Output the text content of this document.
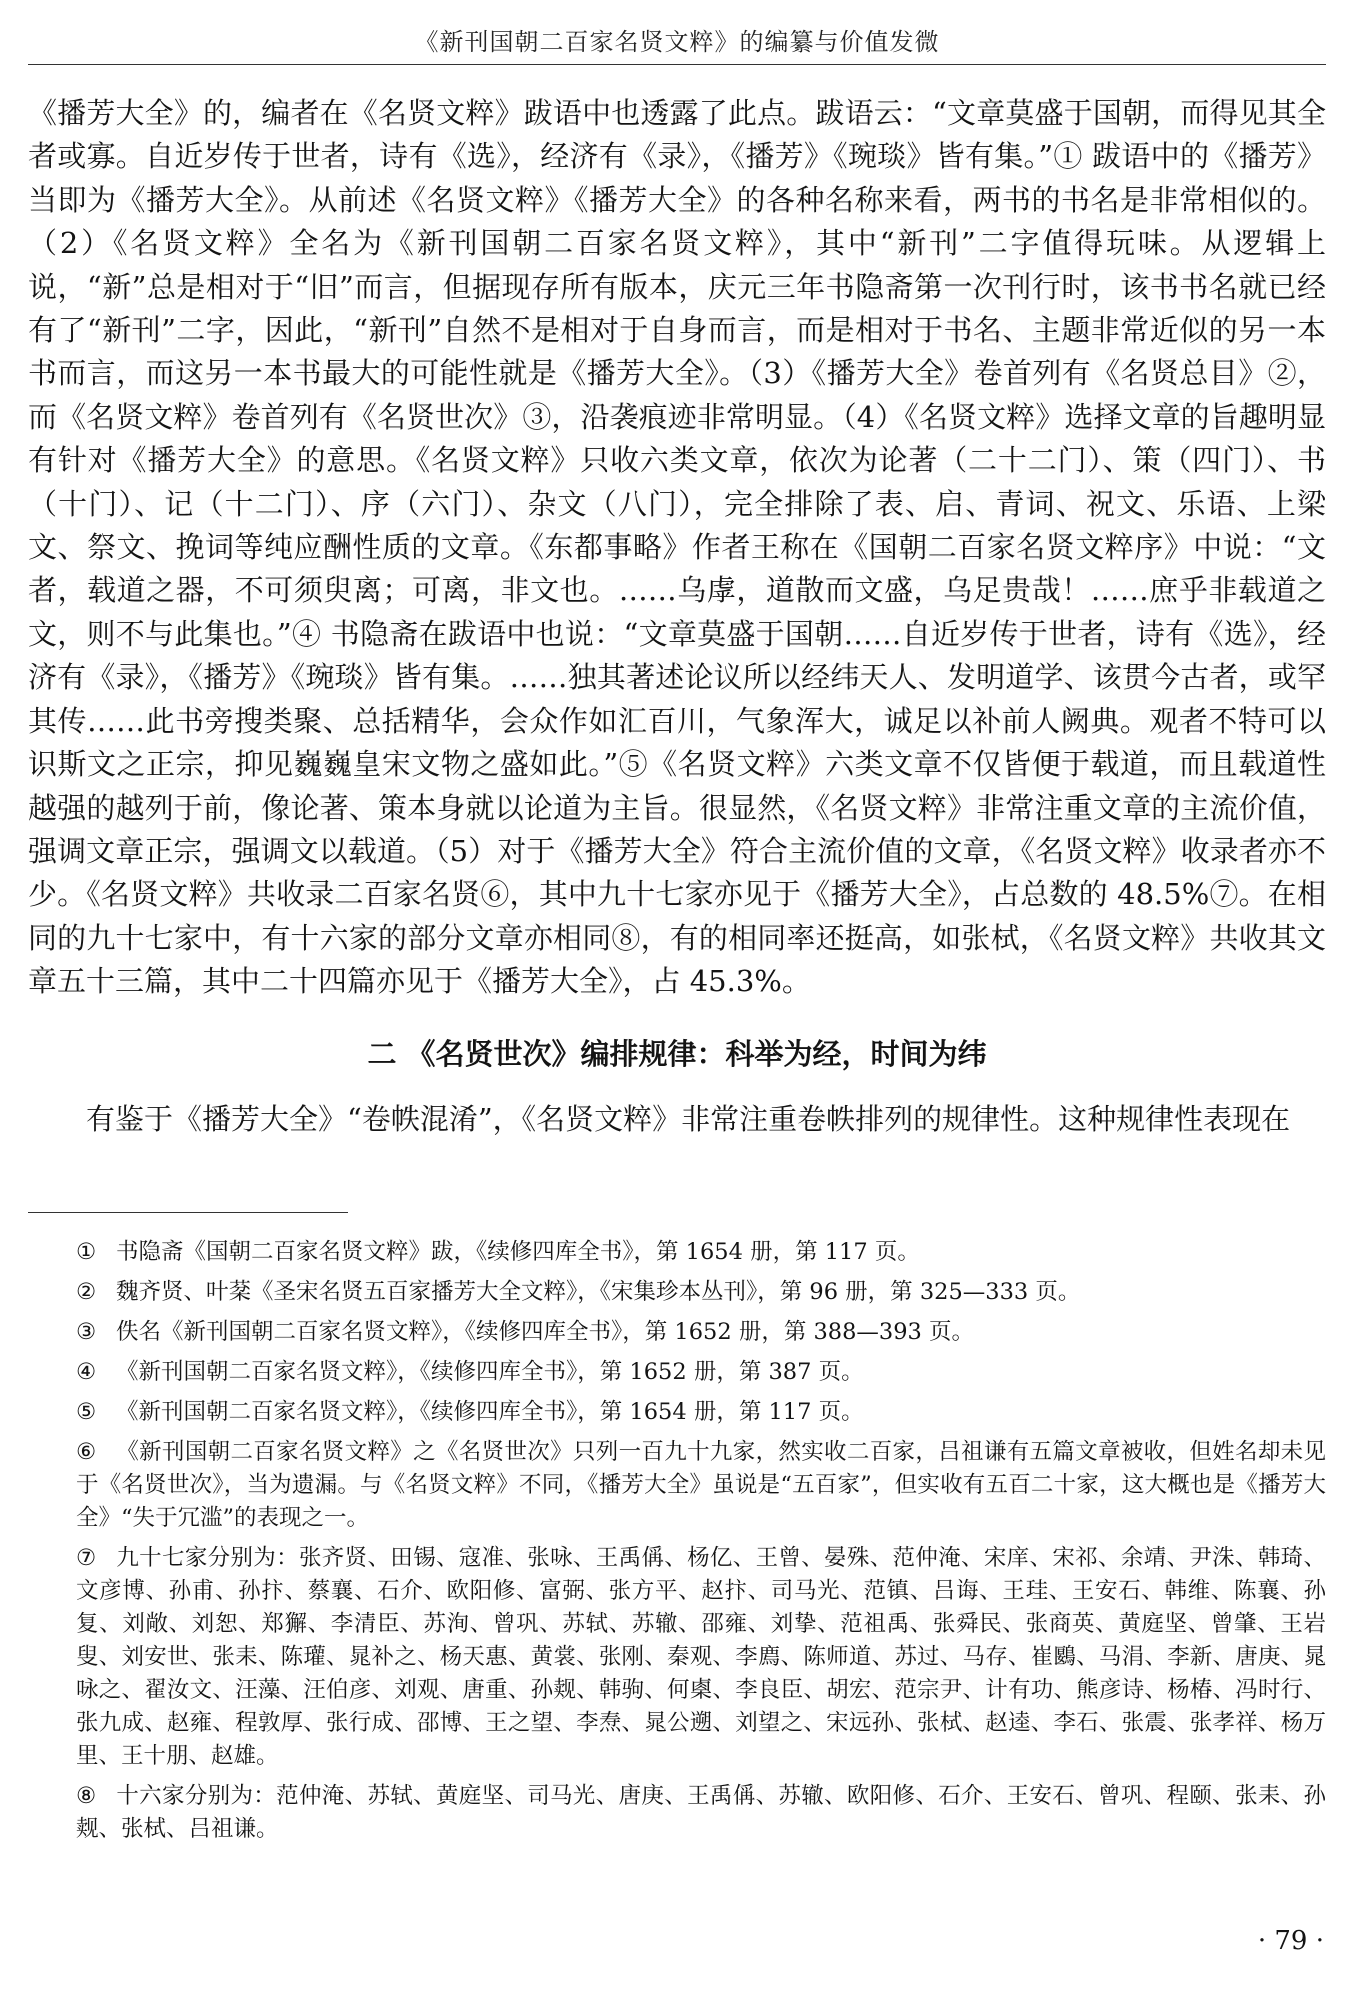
《新刊国朝二百家名贤文粹》的编纂与价值发微

《播芳大全》的，编者在《名贤文粹》跋语中也透露了此点。跋语云：“文章莫盛于国朝，而得见其全者或寡。自近岁传于世者，诗有《选》，经济有《录》，《播芳》《琬琰》皆有集。”① 跋语中的《播芳》当即为《播芳大全》。从前述《名贤文粹》《播芳大全》的各种名称来看，两书的书名是非常相似的。（2）《名贤文粹》全名为《新刊国朝二百家名贤文粹》，其中“新刊”二字值得玩味。从逻辑上说，“新”总是相对于“旧”而言，但据现存所有版本，庆元三年书隐斋第一次刊行时，该书书名就已经有了“新刊”二字，因此，“新刊”自然不是相对于自身而言，而是相对于书名、主题非常近似的另一本书而言，而这另一本书最大的可能性就是《播芳大全》。（3）《播芳大全》卷首列有《名贤总目》②，而《名贤文粹》卷首列有《名贤世次》③，沿袭痕迹非常明显。（4）《名贤文粹》选择文章的旨趣明显有针对《播芳大全》的意思。《名贤文粹》只收六类文章，依次为论著（二十二门）、策（四门）、书（十门）、记（十二门）、序（六门）、杂文（八门），完全排除了表、启、青词、祝文、乐语、上梁文、祭文、挽词等纯应酬性质的文章。《东都事略》作者王称在《国朝二百家名贤文粹序》中说：“文者，载道之器，不可须臾离；可离，非文也。……乌虖，道散而文盛，乌足贵哉！……庶乎非载道之文，则不与此集也。”④ 书隐斋在跋语中也说：“文章莫盛于国朝……自近岁传于世者，诗有《选》，经济有《录》，《播芳》《琬琰》皆有集。……独其著述论议所以经纬天人、发明道学、该贯今古者，或罕其传……此书旁搜类聚、总括精华，会众作如汇百川，气象浑大，诚足以补前人阙典。观者不特可以识斯文之正宗，抑见巍巍皇宋文物之盛如此。”⑤《名贤文粹》六类文章不仅皆便于载道，而且载道性越强的越列于前，像论著、策本身就以论道为主旨。很显然，《名贤文粹》非常注重文章的主流价值，强调文章正宗，强调文以载道。（5）对于《播芳大全》符合主流价值的文章，《名贤文粹》收录者亦不少。《名贤文粹》共收录二百家名贤⑥，其中九十七家亦见于《播芳大全》，占总数的 48.5%⑦。在相同的九十七家中，有十六家的部分文章亦相同⑧，有的相同率还挺高，如张栻，《名贤文粹》共收其文章五十三篇，其中二十四篇亦见于《播芳大全》，占 45.3%。

二 《名贤世次》编排规律：科举为经，时间为纬

有鉴于《播芳大全》“卷帙混淆”，《名贤文粹》非常注重卷帙排列的规律性。这种规律性表现在

① 书隐斋《国朝二百家名贤文粹》跋，《续修四库全书》，第 1654 册，第 117 页。

② 魏齐贤、叶棻《圣宋名贤五百家播芳大全文粹》，《宋集珍本丛刊》，第 96 册，第 325—333 页。

③ 佚名《新刊国朝二百家名贤文粹》，《续修四库全书》，第 1652 册，第 388—393 页。

④ 《新刊国朝二百家名贤文粹》，《续修四库全书》，第 1652 册，第 387 页。

⑤ 《新刊国朝二百家名贤文粹》，《续修四库全书》，第 1654 册，第 117 页。

⑥ 《新刊国朝二百家名贤文粹》之《名贤世次》只列一百九十九家，然实收二百家，吕祖谦有五篇文章被收，但姓名却未见于《名贤世次》，当为遗漏。与《名贤文粹》不同，《播芳大全》虽说是“五百家”，但实收有五百二十家，这大概也是《播芳大全》“失于冗滥”的表现之一。

⑦ 九十七家分别为：张齐贤、田锡、寇准、张咏、王禹偁、杨亿、王曾、晏殊、范仲淹、宋庠、宋祁、余靖、尹洙、韩琦、文彦博、孙甫、孙抃、蔡襄、石介、欧阳修、富弼、张方平、赵抃、司马光、范镇、吕诲、王珪、王安石、韩维、陈襄、孙复、刘敞、刘恕、郑獬、李清臣、苏洵、曾巩、苏轼、苏辙、邵雍、刘挚、范祖禹、张舜民、张商英、黄庭坚、曾肇、王岩叟、刘安世、张耒、陈瓘、晁补之、杨天惠、黄裳、张刚、秦观、李廌、陈师道、苏过、马存、崔鶠、马涓、李新、唐庚、晁咏之、翟汝文、汪藻、汪伯彦、刘观、唐重、孙觌、韩驹、何㮚、李良臣、胡宏、范宗尹、计有功、熊彦诗、杨椿、冯时行、张九成、赵雍、程敦厚、张行成、邵博、王之望、李焘、晁公遡、刘望之、宋远孙、张栻、赵逵、李石、张震、张孝祥、杨万里、王十朋、赵雄。

⑧ 十六家分别为：范仲淹、苏轼、黄庭坚、司马光、唐庚、王禹偁、苏辙、欧阳修、石介、王安石、曾巩、程颐、张耒、孙觌、张栻、吕祖谦。

· 79 ·
